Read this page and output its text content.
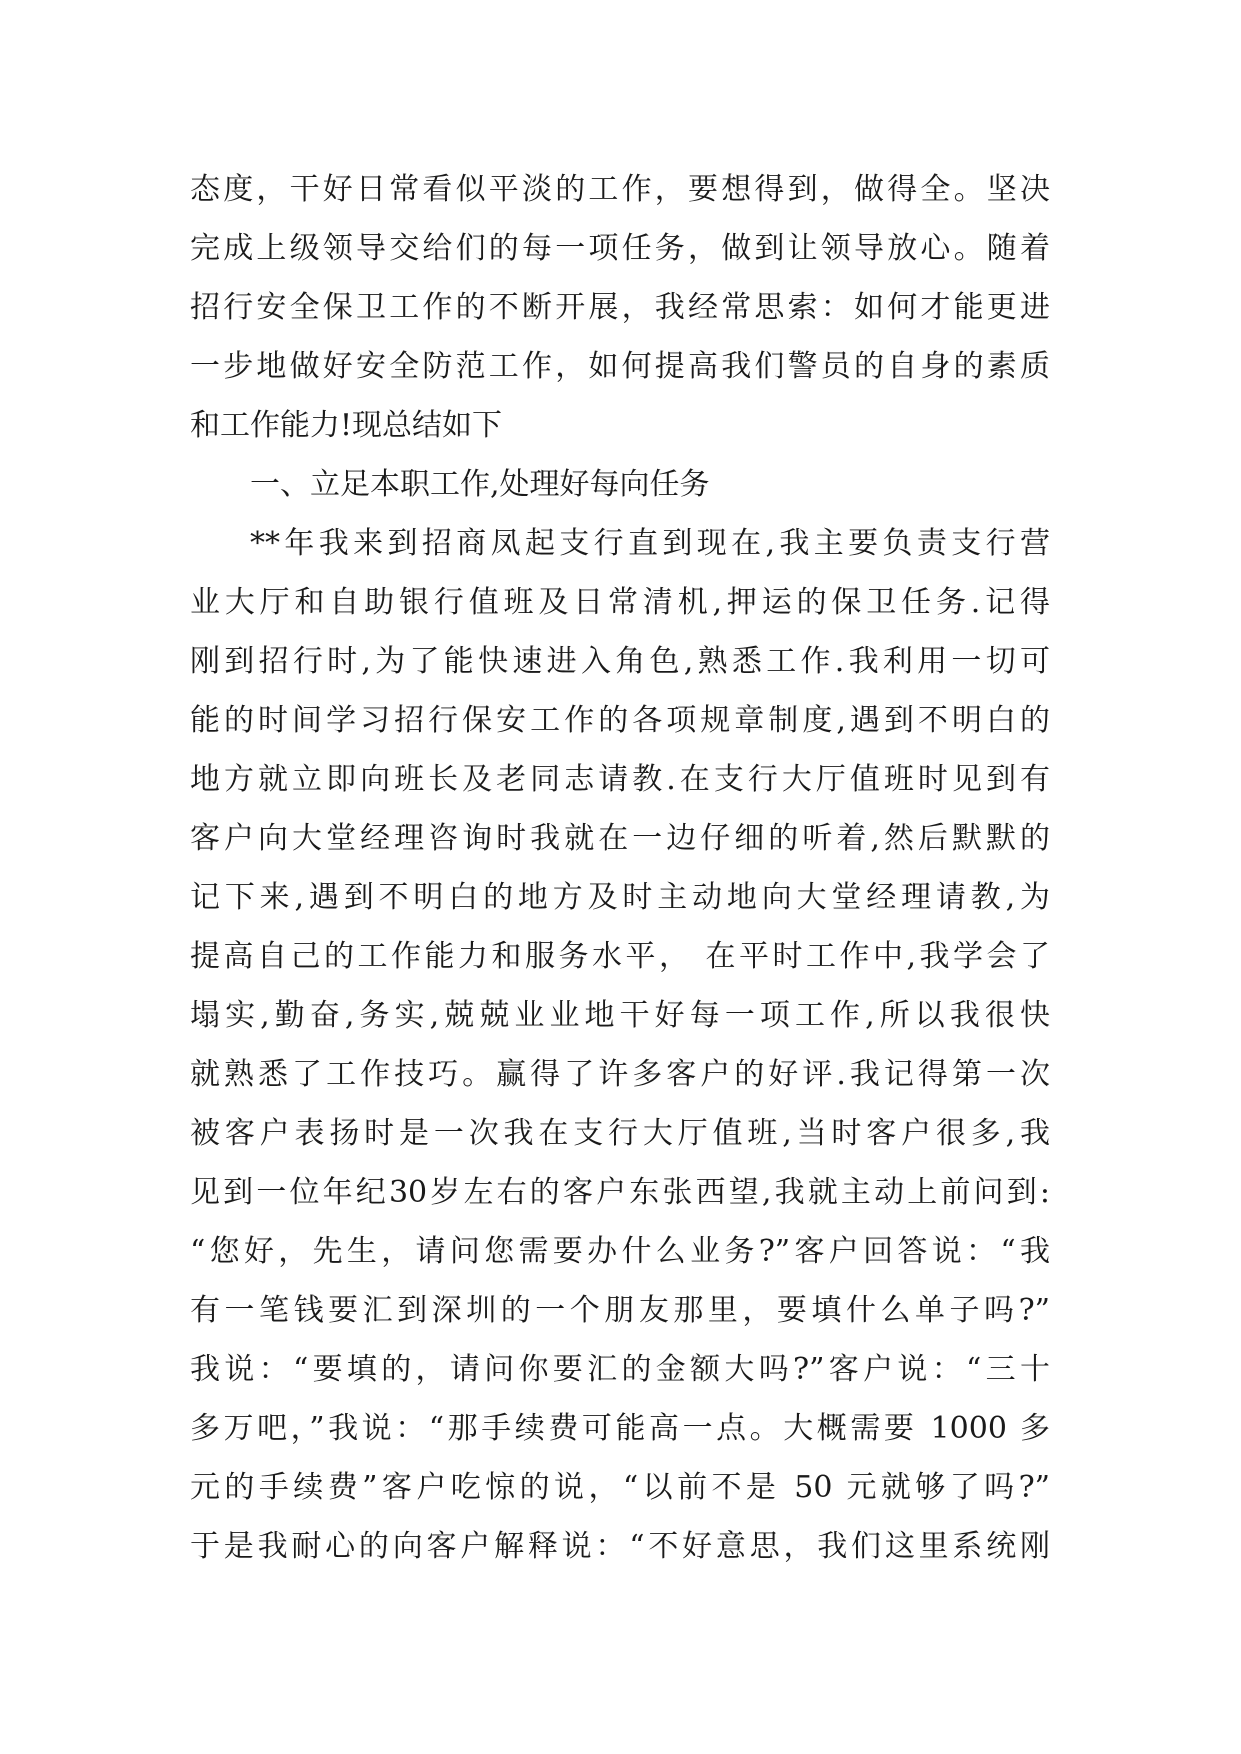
态度，干好日常看似平淡的工作，要想得到，做得全。坚决
完成上级领导交给们的每一项任务，做到让领导放心。随着
招行安全保卫工作的不断开展，我经常思索：如何才能更进
一步地做好安全防范工作，如何提高我们警员的自身的素质
和工作能力!现总结如下
一、立足本职工作,处理好每向任务
**年我来到招商凤起支行直到现在,我主要负责支行营
业大厅和自助银行值班及日常清机,押运的保卫任务.记得
刚到招行时,为了能快速进入角色,熟悉工作.我利用一切可
能的时间学习招行保安工作的各项规章制度,遇到不明白的
地方就立即向班长及老同志请教.在支行大厅值班时见到有
客户向大堂经理咨询时我就在一边仔细的听着,然后默默的
记下来,遇到不明白的地方及时主动地向大堂经理请教,为
提高自己的工作能力和服务水平， 在平时工作中,我学会了
塌实,勤奋,务实,兢兢业业地干好每一项工作,所以我很快
就熟悉了工作技巧。赢得了许多客户的好评.我记得第一次
被客户表扬时是一次我在支行大厅值班,当时客户很多,我
见到一位年纪30岁左右的客户东张西望,我就主动上前问到:
“您好，先生，请问您需要办什么业务?”客户回答说：“我
有一笔钱要汇到深圳的一个朋友那里，要填什么单子吗?”
我说：“要填的，请问你要汇的金额大吗?”客户说：“三十
多万吧，”我说：“那手续费可能高一点。大概需要 1000 多
元的手续费”客户吃惊的说，“以前不是 50 元就够了吗?”
于是我耐心的向客户解释说：“不好意思，我们这里系统刚
